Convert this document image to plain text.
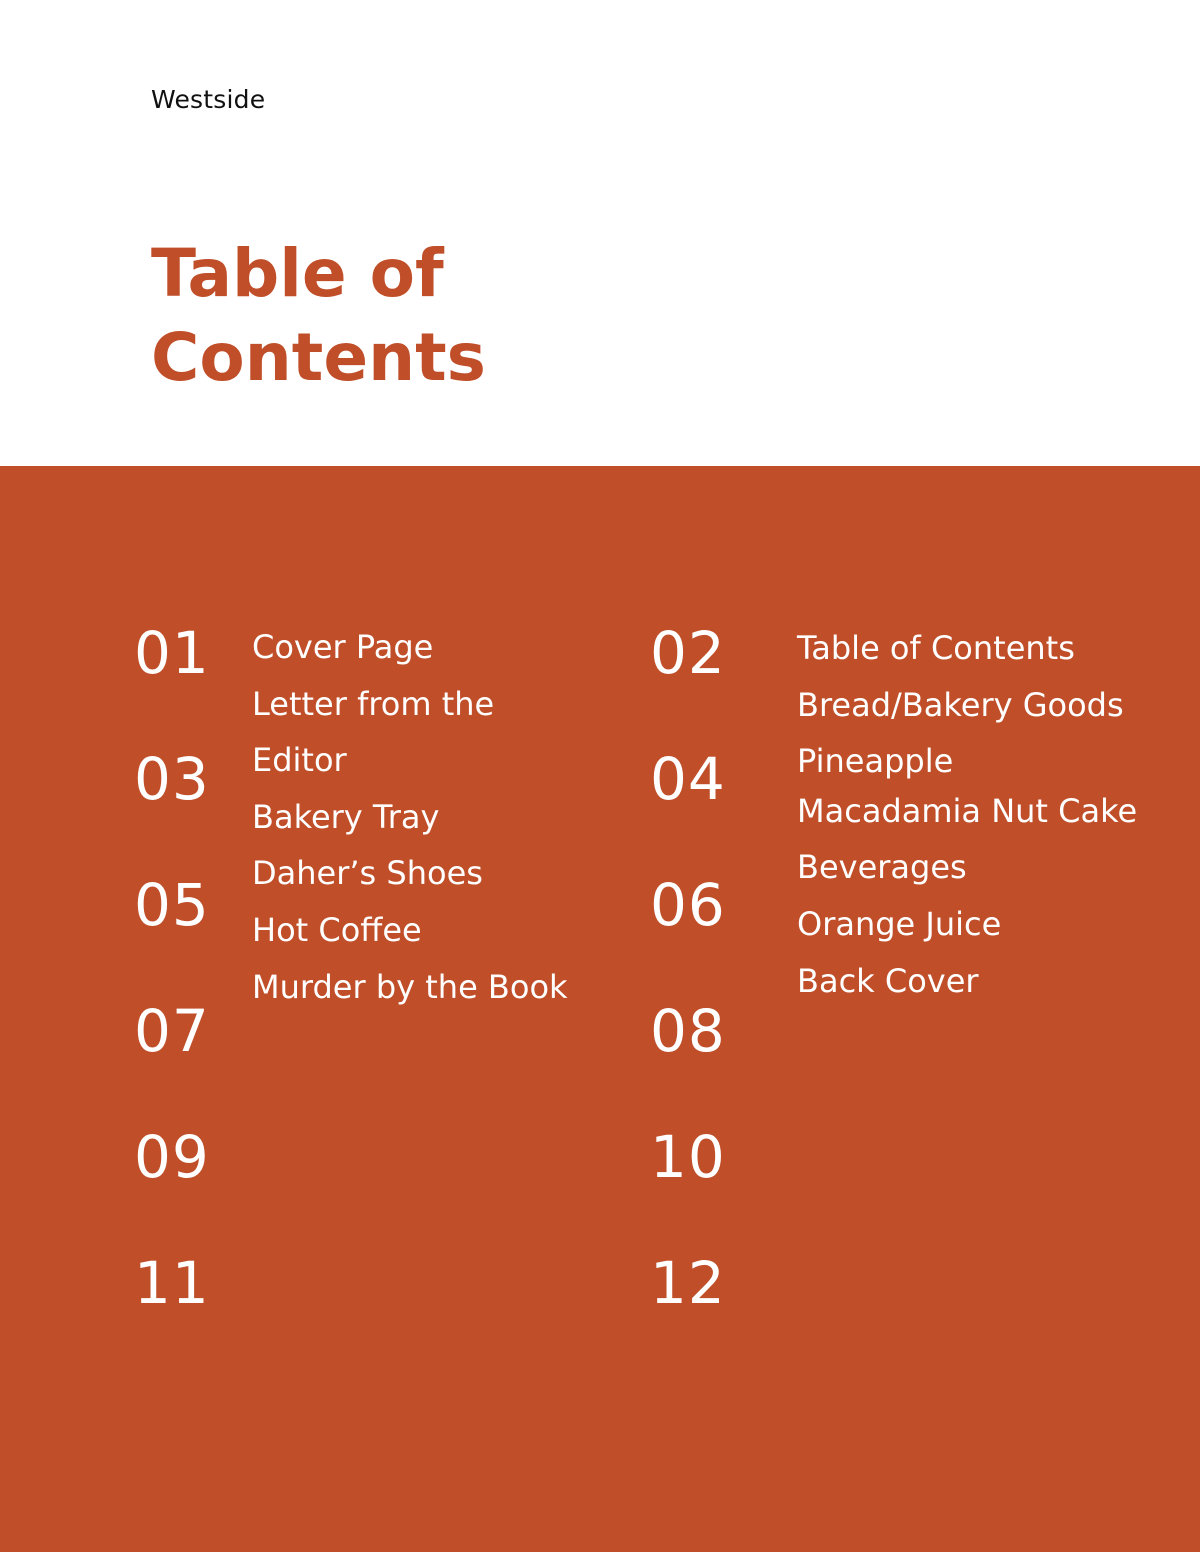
Westside
Table of
Contents
01
03
05
07
09
11
02
04
06
08
10
12
Cover Page
Letter from the
Editor
Bakery Tray
Daher’s Shoes
Hot Coffee
Murder by the Book
Table of Contents
Bread/Bakery Goods
Pineapple
Macadamia Nut Cake
Beverages
Orange Juice
Back Cover
